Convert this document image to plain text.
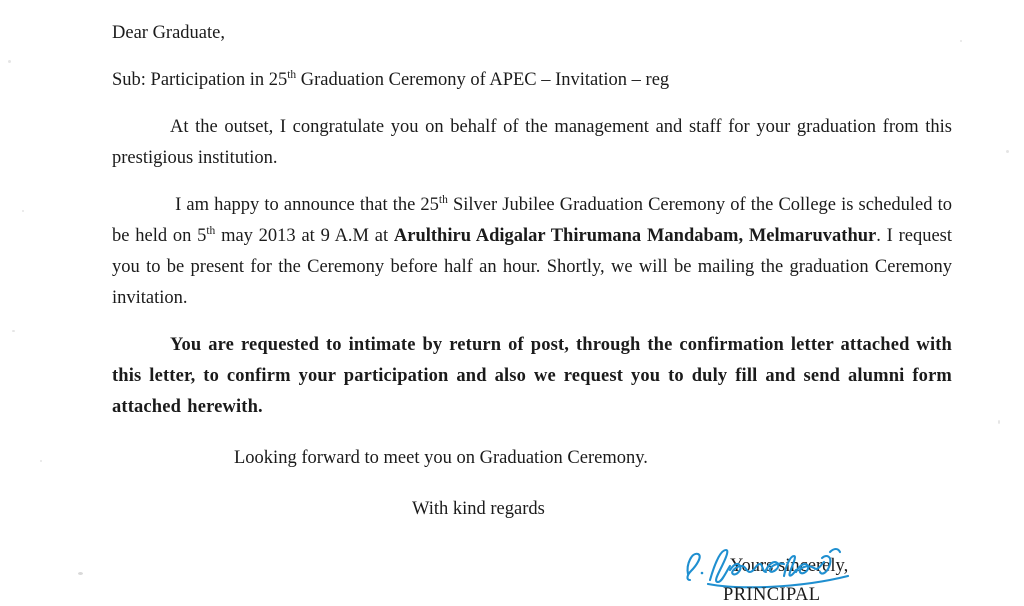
Dear Graduate,
Sub: Participation in 25th Graduation Ceremony of APEC – Invitation – reg
At the outset, I congratulate you on behalf of the management and staff for your graduation from this prestigious institution.
I am happy to announce that the 25th Silver Jubilee Graduation Ceremony of the College is scheduled to be held on 5th may 2013 at 9 A.M at Arulthiru Adigalar Thirumana Mandabam, Melmaruvathur. I request you to be present for the Ceremony before half an hour. Shortly, we will be mailing the graduation Ceremony invitation.
You are requested to intimate by return of post, through the confirmation letter attached with this letter, to confirm your participation and also we request you to duly fill and send alumni form attached herewith.
Looking forward to meet you on Graduation Ceremony.
With kind regards
Yours sincerely,
PRINCIPAL
